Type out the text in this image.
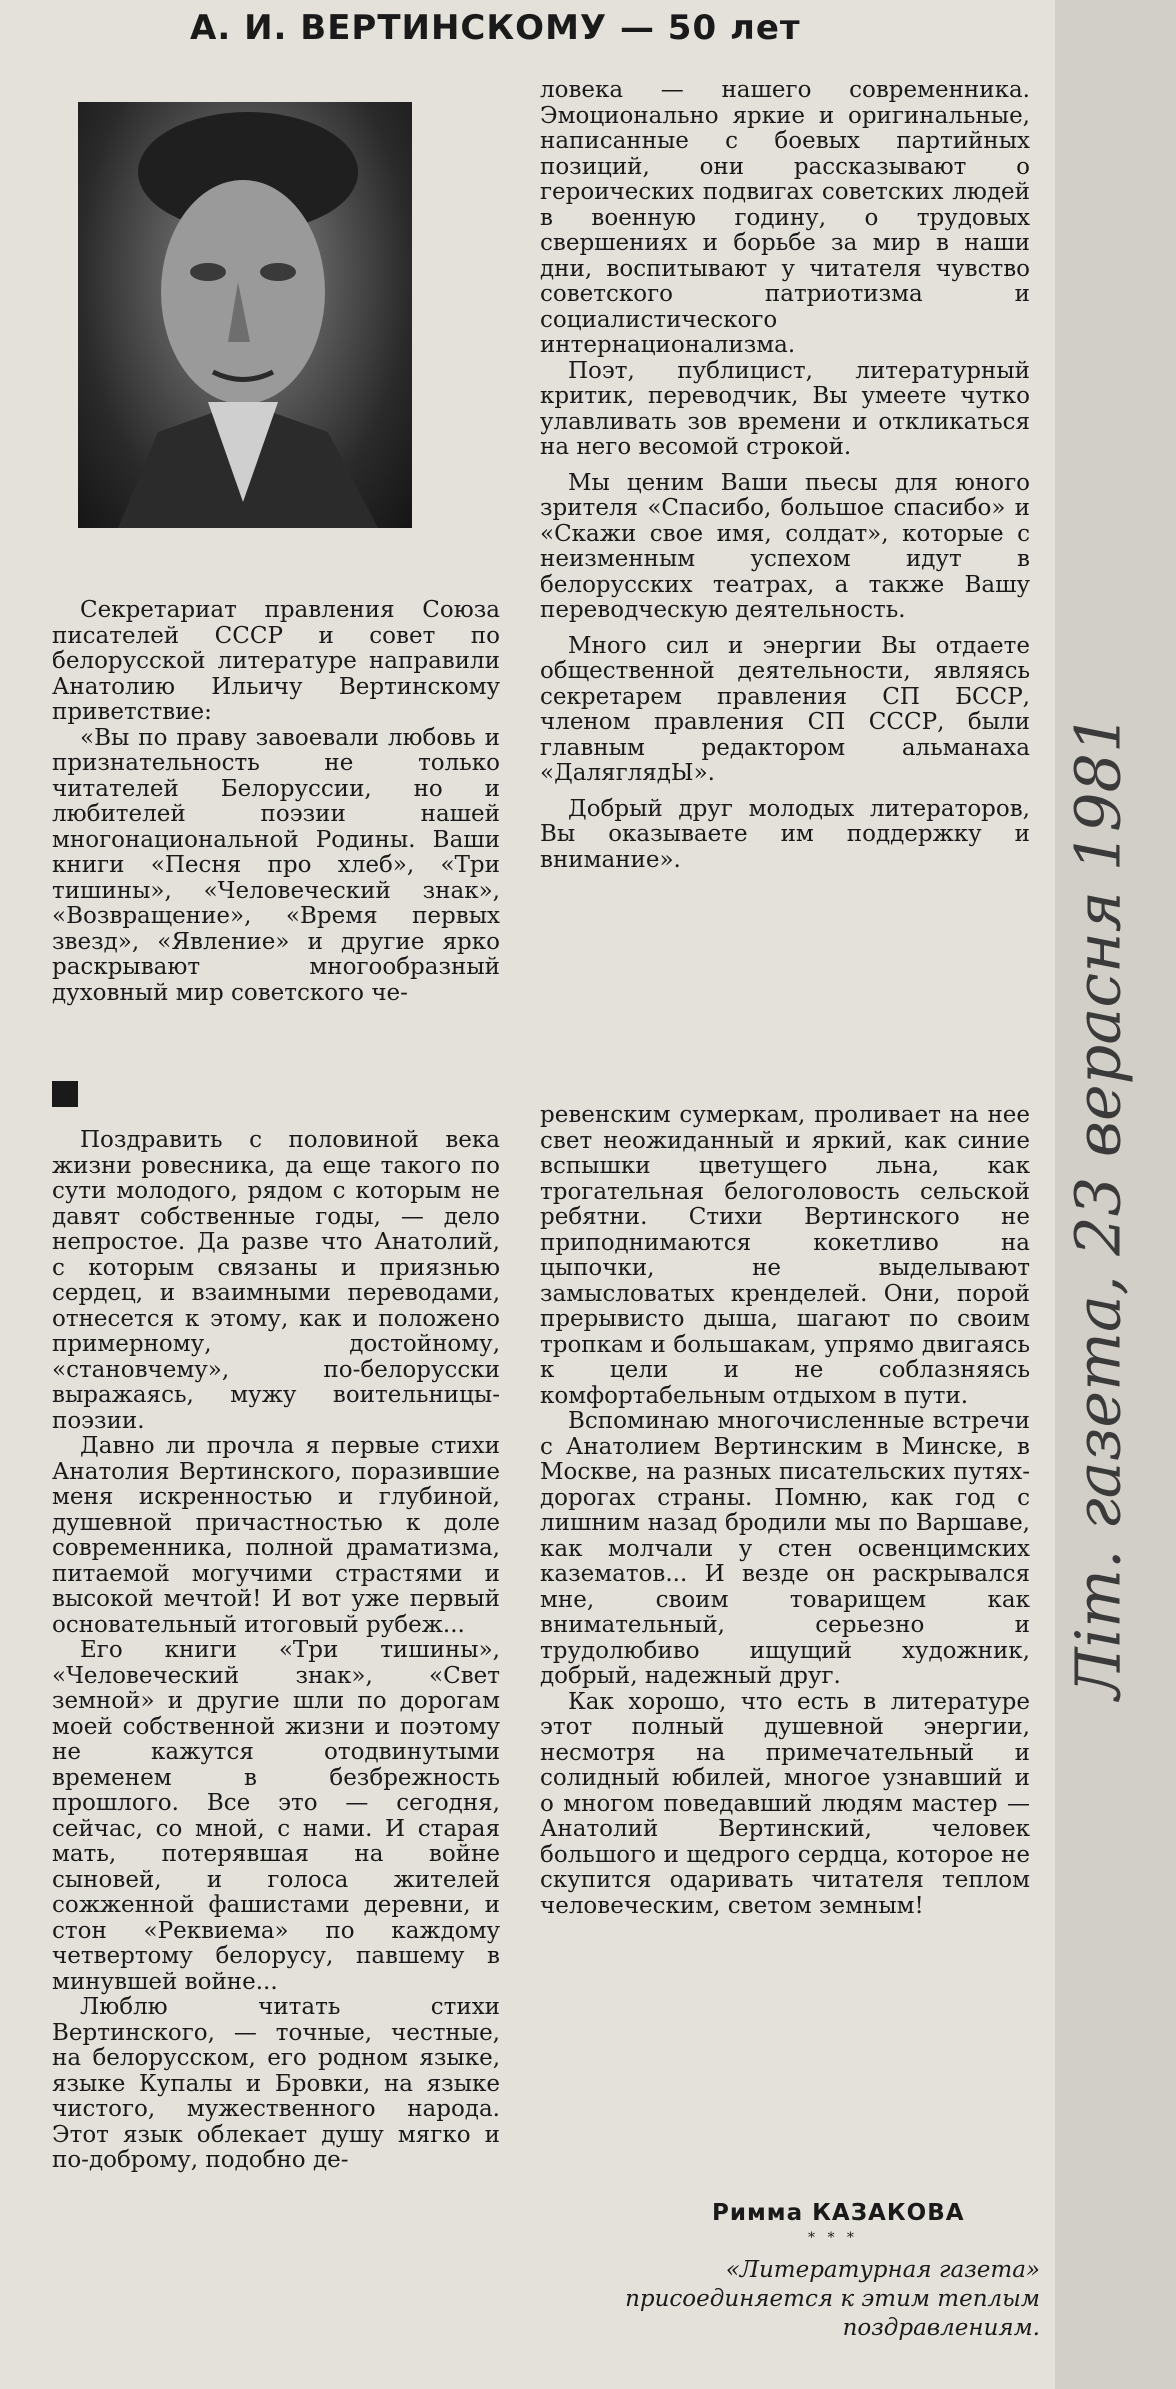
А. И. ВЕРТИНСКОМУ — 50 лет

Секретариат правления Союза писателей СССР и совет по белорусской литературе направили Анатолию Ильичу Вертинскому приветствие:

«Вы по праву завоевали любовь и признательность не только читателей Белоруссии, но и любителей поэзии нашей многонациональной Родины. Ваши книги «Песня про хлеб», «Три тишины», «Человеческий знак», «Возвращение», «Время первых звезд», «Явление» и другие ярко раскрывают многообразный духовный мир советского че-

ловека — нашего современника. Эмоционально яркие и оригинальные, написанные с боевых партийных позиций, они рассказывают о героических подвигах советских людей в военную годину, о трудовых свершениях и борьбе за мир в наши дни, воспитывают у читателя чувство советского патриотизма и социалистического интернационализма.

Поэт, публицист, литературный критик, переводчик, Вы умеете чутко улавливать зов времени и откликаться на него весомой строкой.

Мы ценим Ваши пьесы для юного зрителя «Спасибо, большое спасибо» и «Скажи свое имя, солдат», которые с неизменным успехом идут в белорусских театрах, а также Вашу переводческую деятельность.

Много сил и энергии Вы отдаете общественной деятельности, являясь секретарем правления СП БССР, членом правления СП СССР, были главным редактором альманаха «ДаляглядЫ».

Добрый друг молодых литераторов, Вы оказываете им поддержку и внимание».

Поздравить с половиной века жизни ровесника, да еще такого по сути молодого, рядом с которым не давят собственные годы, — дело непростое. Да разве что Анатолий, с которым связаны и приязнью сердец, и взаимными переводами, отнесется к этому, как и положено примерному, достойному, «становчему», по-белорусски выражаясь, мужу воительницы-поэзии.

Давно ли прочла я первые стихи Анатолия Вертинского, поразившие меня искренностью и глубиной, душевной причастностью к доле современника, полной драматизма, питаемой могучими страстями и высокой мечтой! И вот уже первый основательный итоговый рубеж...

Его книги «Три тишины», «Человеческий знак», «Свет земной» и другие шли по дорогам моей собственной жизни и поэтому не кажутся отодвинутыми временем в безбрежность прошлого. Все это — сегодня, сейчас, со мной, с нами. И старая мать, потерявшая на войне сыновей, и голоса жителей сожженной фашистами деревни, и стон «Реквиема» по каждому четвертому белорусу, павшему в минувшей войне...

Люблю читать стихи Вертинского, — точные, честные, на белорусском, его родном языке, языке Купалы и Бровки, на языке чистого, мужественного народа. Этот язык облекает душу мягко и по-доброму, подобно де-

ревенским сумеркам, проливает на нее свет неожиданный и яркий, как синие вспышки цветущего льна, как трогательная белоголовость сельской ребятни. Стихи Вертинского не приподнимаются кокетливо на цыпочки, не выделывают замысловатых кренделей. Они, порой прерывисто дыша, шагают по своим тропкам и большакам, упрямо двигаясь к цели и не соблазняясь комфортабельным отдыхом в пути.

Вспоминаю многочисленные встречи с Анатолием Вертинским в Минске, в Москве, на разных писательских путях-дорогах страны. Помню, как год с лишним назад бродили мы по Варшаве, как молчали у стен освенцимских казематов... И везде он раскрывался мне, своим товарищем как внимательный, серьезно и трудолюбиво ищущий художник, добрый, надежный друг.

Как хорошо, что есть в литературе этот полный душевной энергии, несмотря на примечательный и солидный юбилей, многое узнавший и о многом поведавший людям мастер — Анатолий Вертинский, человек большого и щедрого сердца, которое не скупится одаривать читателя теплом человеческим, светом земным!

Римма КАЗАКОВА
* * *
«Литературная газета» присоединяется к этим теплым поздравлениям.
Літ. газета, 23 верасня 1981
